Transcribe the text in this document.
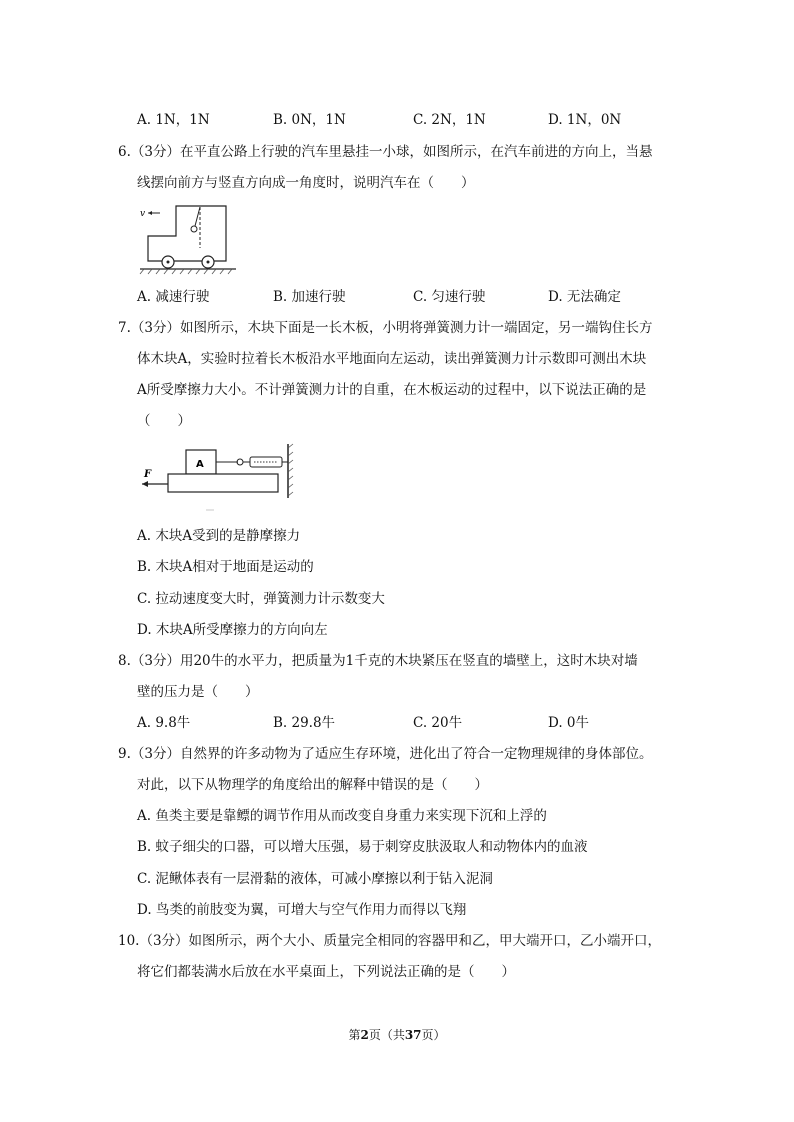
A. 1N，1N	B. 0N，1N	C. 2N，1N	D. 1N，0N
6.（3分）在平直公路上行驶的汽车里悬挂一小球，如图所示，在汽车前进的方向上，当悬
线摆向前方与竖直方向成一角度时，说明汽车在（　　）
v
A. 减速行驶	B. 加速行驶	C. 匀速行驶	D. 无法确定
7.（3分）如图所示，木块下面是一长木板，小明将弹簧测力计一端固定，另一端钩住长方
体木块A，实验时拉着长木板沿水平地面向左运动，读出弹簧测力计示数即可测出木块
A所受摩擦力大小。不计弹簧测力计的自重，在木板运动的过程中，以下说法正确的是
（　　）
A
F
A. 木块A受到的是静摩擦力
B. 木块A相对于地面是运动的
C. 拉动速度变大时，弹簧测力计示数变大
D. 木块A所受摩擦力的方向向左
8.（3分）用20牛的水平力，把质量为1千克的木块紧压在竖直的墙壁上，这时木块对墙
壁的压力是（　　）
A. 9.8牛	B. 29.8牛	C. 20牛	D. 0牛
9.（3分）自然界的许多动物为了适应生存环境，进化出了符合一定物理规律的身体部位。
对此，以下从物理学的角度给出的解释中错误的是（　　）
A. 鱼类主要是靠鳔的调节作用从而改变自身重力来实现下沉和上浮的
B. 蚊子细尖的口器，可以增大压强，易于刺穿皮肤汲取人和动物体内的血液
C. 泥鳅体表有一层滑黏的液体，可减小摩擦以利于钻入泥洞
D. 鸟类的前肢变为翼，可增大与空气作用力而得以飞翔
10.（3分）如图所示，两个大小、质量完全相同的容器甲和乙，甲大端开口，乙小端开口，
将它们都装满水后放在水平桌面上，下列说法正确的是（　　）
第2页（共37页）
